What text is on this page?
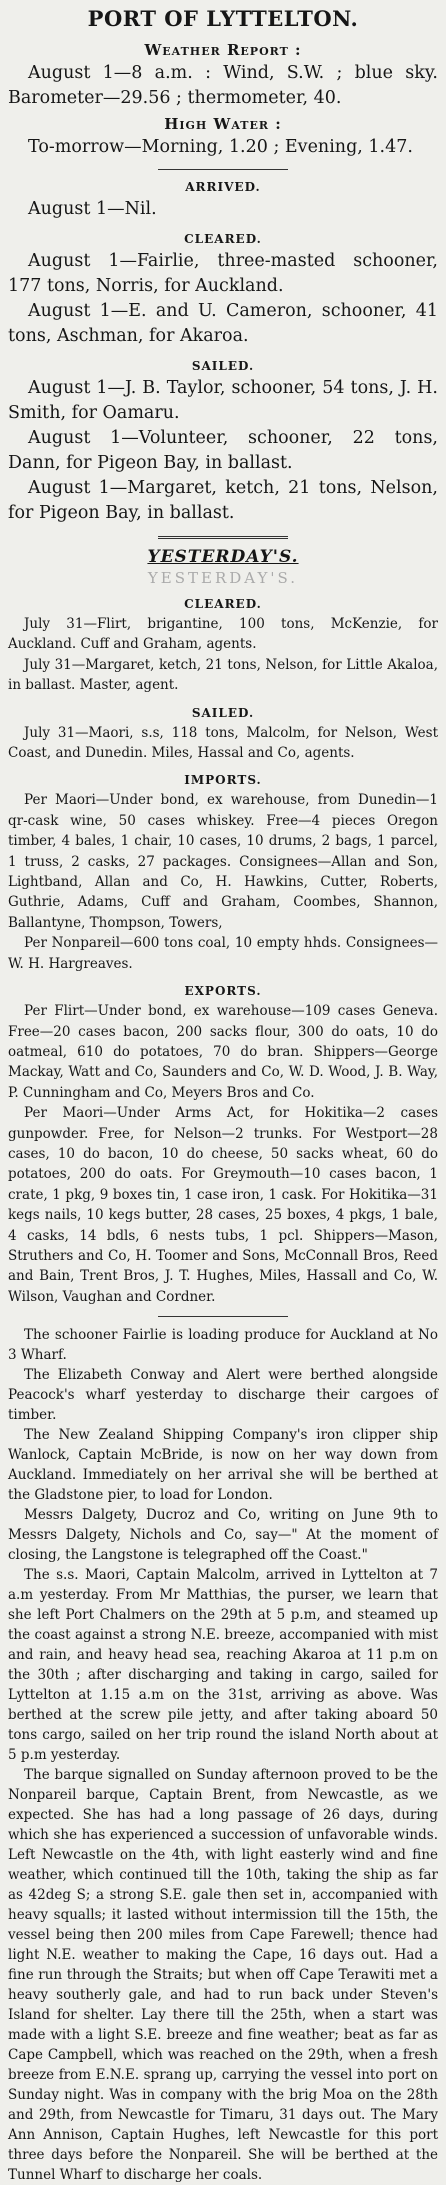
PORT OF LYTTELTON.
Weather Report :

August 1—8 a.m. : Wind, S.W. ; blue sky. Barometer—29.56 ; thermometer, 40.

High Water :

To-morrow—Morning, 1.20 ; Evening, 1.47.

ARRIVED.

August 1—Nil.

CLEARED.

August 1—Fairlie, three-masted schooner, 177 tons, Norris, for Auckland.

August 1—E. and U. Cameron, schooner, 41 tons, Aschman, for Akaroa.

SAILED.

August 1—J. B. Taylor, schooner, 54 tons, J. H. Smith, for Oamaru.

August 1—Volunteer, schooner, 22 tons, Dann, for Pigeon Bay, in ballast.

August 1—Margaret, ketch, 21 tons, Nelson, for Pigeon Bay, in ballast.

YESTERDAY'S.
YESTERDAY'S.
CLEARED.

July 31—Flirt, brigantine, 100 tons, McKenzie, for Auckland. Cuff and Graham, agents.

July 31—Margaret, ketch, 21 tons, Nelson, for Little Akaloa, in ballast. Master, agent.

SAILED.

July 31—Maori, s.s, 118 tons, Malcolm, for Nelson, West Coast, and Dunedin. Miles, Hassal and Co, agents.

IMPORTS.

Per Maori—Under bond, ex warehouse, from Dunedin—1 qr-cask wine, 50 cases whiskey. Free—4 pieces Oregon timber, 4 bales, 1 chair, 10 cases, 10 drums, 2 bags, 1 parcel, 1 truss, 2 casks, 27 packages. Consignees—Allan and Son, Lightband, Allan and Co, H. Hawkins, Cutter, Roberts, Guthrie, Adams, Cuff and Graham, Coombes, Shannon, Ballantyne, Thompson, Towers,

Per Nonpareil—600 tons coal, 10 empty hhds. Consignees—W. H. Hargreaves.

EXPORTS.

Per Flirt—Under bond, ex warehouse—109 cases Geneva. Free—20 cases bacon, 200 sacks flour, 300 do oats, 10 do oatmeal, 610 do potatoes, 70 do bran. Shippers—George Mackay, Watt and Co, Saunders and Co, W. D. Wood, J. B. Way, P. Cunningham and Co, Meyers Bros and Co.

Per Maori—Under Arms Act, for Hokitika—2 cases gunpowder. Free, for Nelson—2 trunks. For Westport—28 cases, 10 do bacon, 10 do cheese, 50 sacks wheat, 60 do potatoes, 200 do oats. For Greymouth—10 cases bacon, 1 crate, 1 pkg, 9 boxes tin, 1 case iron, 1 cask. For Hokitika—31 kegs nails, 10 kegs butter, 28 cases, 25 boxes, 4 pkgs, 1 bale, 4 casks, 14 bdls, 6 nests tubs, 1 pcl. Shippers—Mason, Struthers and Co, H. Toomer and Sons, McConnall Bros, Reed and Bain, Trent Bros, J. T. Hughes, Miles, Hassall and Co, W. Wilson, Vaughan and Cordner.

The schooner Fairlie is loading produce for Auckland at No 3 Wharf.

The Elizabeth Conway and Alert were berthed alongside Peacock's wharf yesterday to discharge their cargoes of timber.

The New Zealand Shipping Company's iron clipper ship Wanlock, Captain McBride, is now on her way down from Auckland. Immediately on her arrival she will be berthed at the Gladstone pier, to load for London.

Messrs Dalgety, Ducroz and Co, writing on June 9th to Messrs Dalgety, Nichols and Co, say—" At the moment of closing, the Langstone is telegraphed off the Coast."

The s.s. Maori, Captain Malcolm, arrived in Lyttelton at 7 a.m yesterday. From Mr Matthias, the purser, we learn that she left Port Chalmers on the 29th at 5 p.m, and steamed up the coast against a strong N.E. breeze, accompanied with mist and rain, and heavy head sea, reaching Akaroa at 11 p.m on the 30th ; after discharging and taking in cargo, sailed for Lyttelton at 1.15 a.m on the 31st, arriving as above. Was berthed at the screw pile jetty, and after taking aboard 50 tons cargo, sailed on her trip round the island North about at 5 p.m yesterday.

The barque signalled on Sunday afternoon proved to be the Nonpareil barque, Captain Brent, from Newcastle, as we expected. She has had a long passage of 26 days, during which she has experienced a succession of unfavorable winds. Left Newcastle on the 4th, with light easterly wind and fine weather, which continued till the 10th, taking the ship as far as 42deg S; a strong S.E. gale then set in, accompanied with heavy squalls; it lasted without intermission till the 15th, the vessel being then 200 miles from Cape Farewell; thence had light N.E. weather to making the Cape, 16 days out. Had a fine run through the Straits; but when off Cape Terawiti met a heavy southerly gale, and had to run back under Steven's Island for shelter. Lay there till the 25th, when a start was made with a light S.E. breeze and fine weather; beat as far as Cape Campbell, which was reached on the 29th, when a fresh breeze from E.N.E. sprang up, carrying the vessel into port on Sunday night. Was in company with the brig Moa on the 28th and 29th, from Newcastle for Timaru, 31 days out. The Mary Ann Annison, Captain Hughes, left Newcastle for this port three days before the Nonpareil. She will be berthed at the Tunnel Wharf to discharge her coals.
